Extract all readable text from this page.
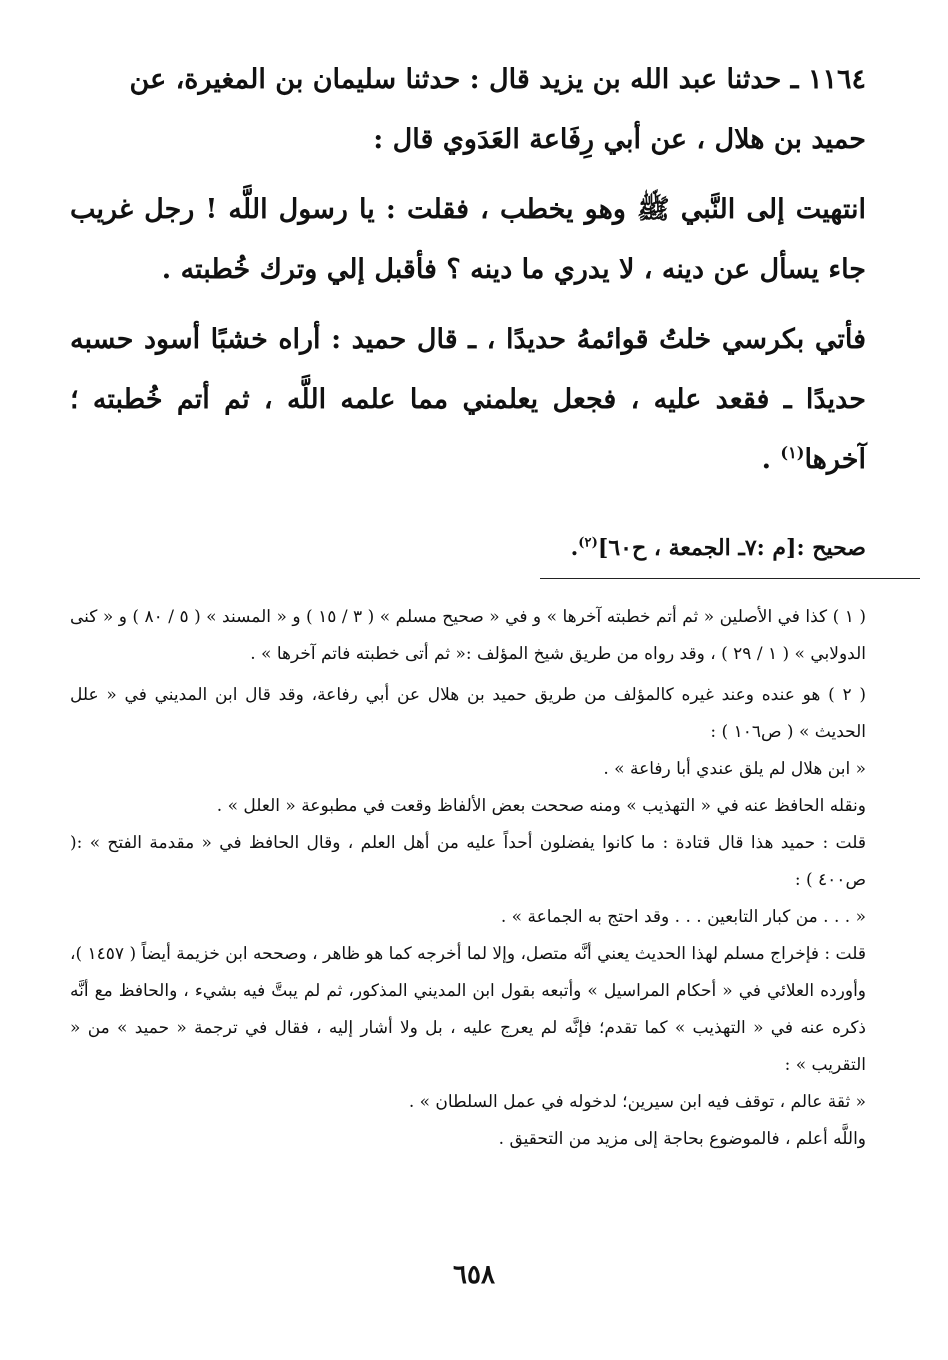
١١٦٤ ـ حدثنا عبد الله بن يزيد قال : حدثنا سليمان بن المغيرة، عن

حميد بن هلال ، عن أبي رِفَاعة العَدَوي قال :

انتهيت إلى النَّبي ﷺ وهو يخطب ، فقلت : يا رسول اللَّه ! رجل غريب جاء يسأل عن دينه ، لا يدري ما دينه ؟ فأقبل إلي وترك خُطبته .

فأتي بكرسي خلتُ قوائمهُ حديدًا ، ـ قال حميد : أراه خشبًا أسود حسبه حديدًا ـ فقعد عليه ، فجعل يعلمني مما علمه اللَّه ، ثم أتم خُطبته ؛ آخرها$^{(١)}$ .

صحيح :[م :٧ـ الجمعة ، ح٦٠]$^{(٢)}$.

( ١ ) كذا في الأصلين « ثم أتم خطبته آخرها » و في « صحيح مسلم » ( ٣ / ١٥ ) و « المسند » ( ٥ / ٨٠ ) و « كنى الدولابي » ( ١ / ٢٩ ) ، وقد رواه من طريق شيخ المؤلف :« ثم أتى خطبته فاتم آخرها » .

( ٢ ) هو عنده وعند غيره كالمؤلف من طريق حميد بن هلال عن أبي رفاعة، وقد قال ابن المديني في « علل الحديث » ( ص١٠٦ ) :

« ابن هلال لم يلق عندي أبا رفاعة » .

ونقله الحافظ عنه في « التهذيب » ومنه صححت بعض الألفاظ وقعت في مطبوعة « العلل » .

قلت : حميد هذا قال قتادة : ما كانوا يفضلون أحداً عليه من أهل العلم ، وقال الحافظ في « مقدمة الفتح » :( ص٤٠٠ ) :

« . . . من كبار التابعين . . . وقد احتج به الجماعة » .

قلت : فإخراج مسلم لهذا الحديث يعني أنَّه متصل، وإلا لما أخرجه كما هو ظاهر ، وصححه ابن خزيمة أيضاً ( ١٤٥٧ )، وأورده العلائي في « أحكام المراسيل » وأتبعه بقول ابن المديني المذكور، ثم لم يبتَّ فيه بشيء ، والحافظ مع أنَّه ذكره عنه في « التهذيب » كما تقدم؛ فإنَّه لم يعرج عليه ، بل ولا أشار إليه ، فقال في ترجمة « حميد » من « التقريب » :

« ثقة عالم ، توقف فيه ابن سيرين؛ لدخوله في عمل السلطان » .

واللَّه أعلم ، فالموضوع بحاجة إلى مزيد من التحقيق .

٦٥٨
